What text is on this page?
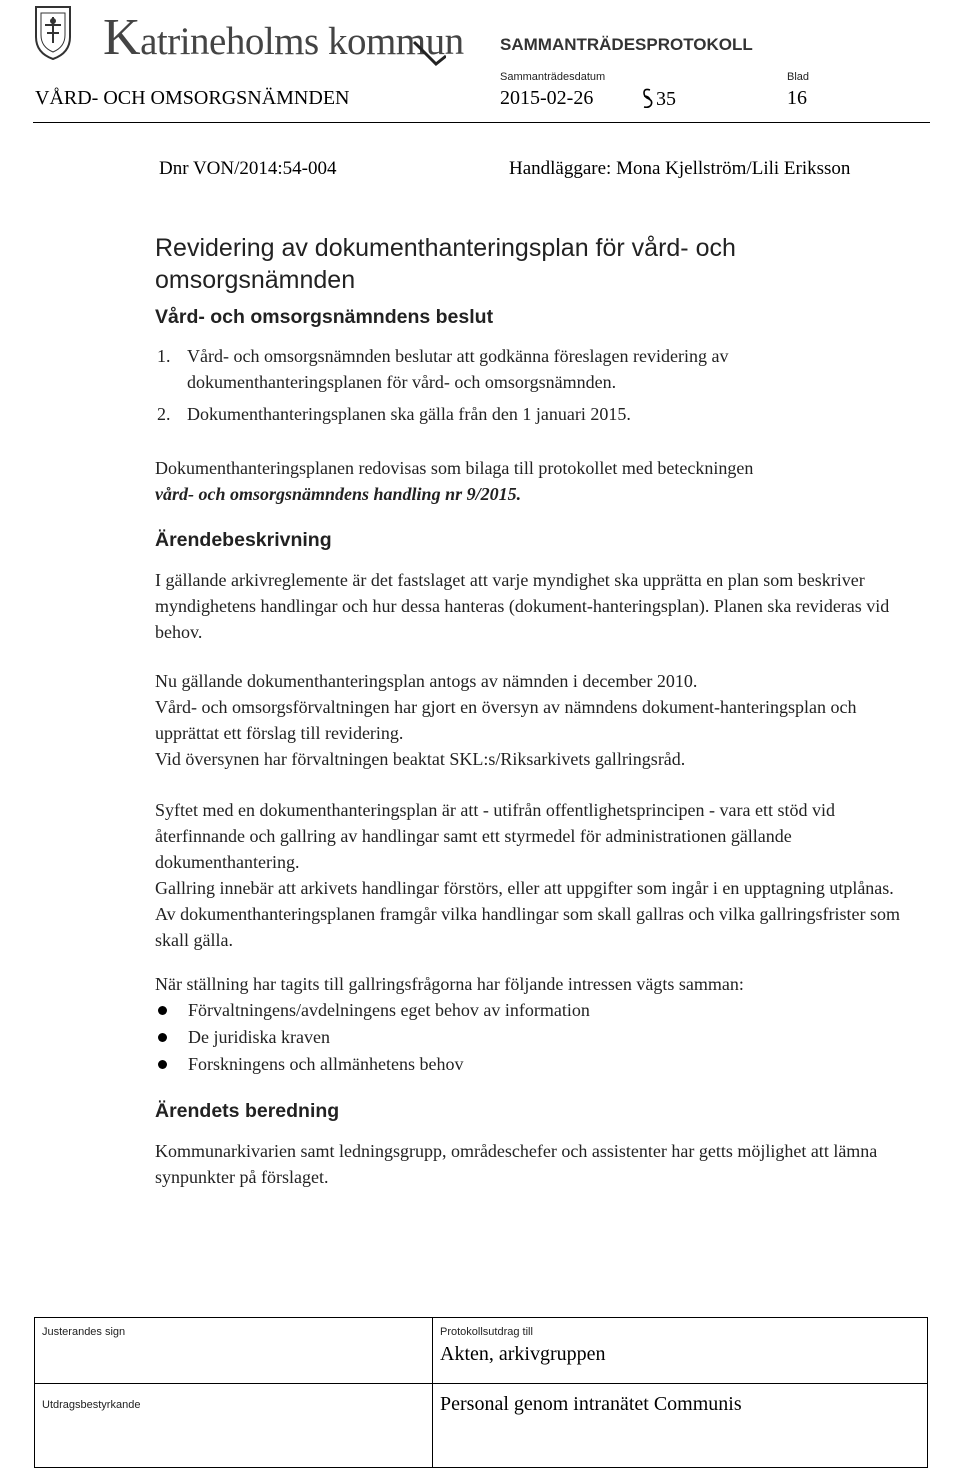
Katrineholms kommun SAMMANTRÄDESPROTOKOLL
Sammanträdesdatum	Blad
VÅRD- OCH OMSORGSNÄMNDEN	2015-02-26	35	16
Dnr VON/2014:54-004	Handläggare: Mona Kjellström/Lili Eriksson
Revidering av dokumenthanteringsplan för vård- och omsorgsnämnden
Vård- och omsorgsnämndens beslut
1. Vård- och omsorgsnämnden beslutar att godkänna föreslagen revidering av dokumenthanteringsplanen för vård- och omsorgsnämnden.
2. Dokumenthanteringsplanen ska gälla från den 1 januari 2015.
Dokumenthanteringsplanen redovisas som bilaga till protokollet med beteckningen
vård- och omsorgsnämndens handling nr 9/2015.
Ärendebeskrivning
I gällande arkivreglemente är det fastslaget att varje myndighet ska upprätta en plan som beskriver myndighetens handlingar och hur dessa hanteras (dokument-hanteringsplan). Planen ska revideras vid behov.
Nu gällande dokumenthanteringsplan antogs av nämnden i december 2010.
Vård- och omsorgsförvaltningen har gjort en översyn av nämndens dokument-hanteringsplan och upprättat ett förslag till revidering.
Vid översynen har förvaltningen beaktat SKL:s/Riksarkivets gallringsråd.
Syftet med en dokumenthanteringsplan är att - utifrån offentlighetsprincipen - vara ett stöd vid återfinnande och gallring av handlingar samt ett styrmedel för administrationen gällande dokumenthantering.
Gallring innebär att arkivets handlingar förstörs, eller att uppgifter som ingår i en upptagning utplånas. Av dokumenthanteringsplanen framgår vilka handlingar som skall gallras och vilka gallringsfrister som skall gälla.
När ställning har tagits till gallringsfrågorna har följande intressen vägts samman:
Förvaltningens/avdelningens eget behov av information
De juridiska kraven
Forskningens och allmänhetens behov
Ärendets beredning
Kommunarkivarien samt ledningsgrupp, områdeschefer och assistenter har getts möjlighet att lämna synpunkter på förslaget.
Justerandes sign	Protokollsutdrag till
Akten, arkivgruppen
Utdragsbestyrkande	Personal genom intranätet Communis
